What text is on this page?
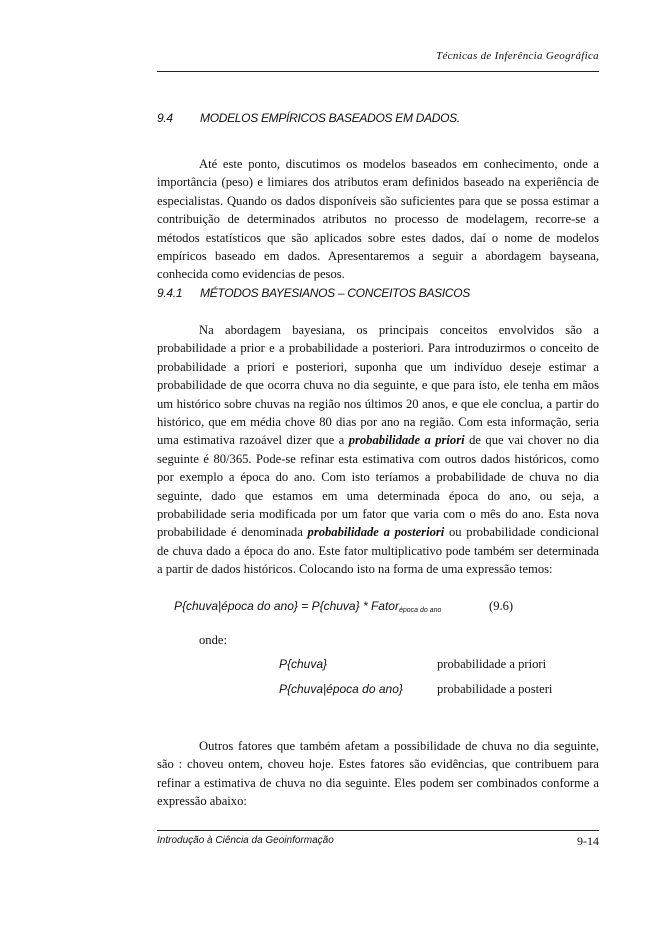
Técnicas de Inferência Geográfica
9.4 MODELOS EMPÍRICOS BASEADOS EM DADOS.

Até este ponto, discutimos os modelos baseados em conhecimento, onde a importância (peso) e limiares dos atributos eram definidos baseado na experiência de especialistas. Quando os dados disponíveis são suficientes para que se possa estimar a contribuição de determinados atributos no processo de modelagem, recorre-se a métodos estatísticos que são aplicados sobre estes dados, daí o nome de modelos empíricos baseado em dados. Apresentaremos a seguir a abordagem bayseana, conhecida como evidencias de pesos.

9.4.1 MÉTODOS BAYESIANOS – CONCEITOS BASICOS

Na abordagem bayesiana, os principais conceitos envolvidos são a probabilidade a prior e a probabilidade a posteriori. Para introduzirmos o conceito de probabilidade a priori e posteriori, suponha que um indivíduo deseje estimar a probabilidade de que ocorra chuva no dia seguinte, e que para isto, ele tenha em mãos um histórico sobre chuvas na região nos últimos 20 anos, e que ele conclua, a partir do histórico, que em média chove 80 dias por ano na região. Com esta informação, seria uma estimativa razoável dizer que a probabilidade a priori de que vai chover no dia seguinte é 80/365. Pode-se refinar esta estimativa com outros dados históricos, como por exemplo a época do ano. Com isto teríamos a probabilidade de chuva no dia seguinte, dado que estamos em uma determinada época do ano, ou seja, a probabilidade seria modificada por um fator que varia com o mês do ano. Esta nova probabilidade é denominada probabilidade a posteriori ou probabilidade condicional de chuva dado a época do ano. Este fator multiplicativo pode também ser determinada a partir de dados históricos. Colocando isto na forma de uma expressão temos:

P{chuva|época do ano} = P{chuva} * Fator$_{época do ano}$	(9.6)
onde:
P{chuva}	probabilidade a priori
P{chuva|época do ano}	probabilidade a posteri

Outros fatores que também afetam a possibilidade de chuva no dia seguinte, são : choveu ontem, choveu hoje. Estes fatores são evidências, que contribuem para refinar a estimativa de chuva no dia seguinte. Eles podem ser combinados conforme a expressão abaixo:

Introdução à Ciência da Geoinformação	9-14
